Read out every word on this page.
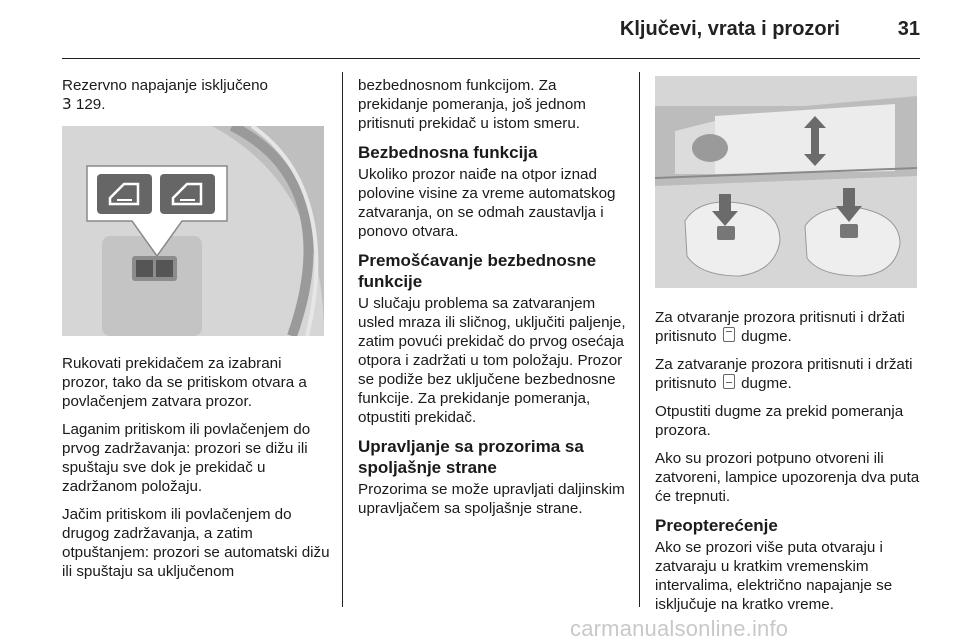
Ključevi, vrata i prozori	31

Rezervno napajanje isključeno
3 129.

Rukovati prekidačem za izabrani prozor, tako da se pritiskom otvara a povlačenjem zatvara prozor.

Laganim pritiskom ili povlačenjem do prvog zadržavanja: prozori se dižu ili spuštaju sve dok je prekidač u zadržanom položaju.

Jačim pritiskom ili povlačenjem do drugog zadržavanja, a zatim otpuštanjem: prozori se automatski dižu ili spuštaju sa uključenom

bezbednosnom funkcijom. Za prekidanje pomeranja, još jednom pritisnuti prekidač u istom smeru.

Bezbednosna funkcija

Ukoliko prozor naiđe na otpor iznad polovine visine za vreme automatskog zatvaranja, on se odmah zaustavlja i ponovo otvara.

Premošćavanje bezbednosne funkcije

U slučaju problema sa zatvaranjem usled mraza ili sličnog, uključiti paljenje, zatim povući prekidač do prvog osećaja otpora i zadržati u tom položaju. Prozor se podiže bez uključene bezbednosne funkcije. Za prekidanje pomeranja, otpustiti prekidač.

Upravljanje sa prozorima sa spoljašnje strane

Prozorima se može upravljati daljinskim upravljačem sa spoljašnje strane.

Za otvaranje prozora pritisnuti i držati pritisnuto dugme.

Za zatvaranje prozora pritisnuti i držati pritisnuto dugme.

Otpustiti dugme za prekid pomeranja prozora.

Ako su prozori potpuno otvoreni ili zatvoreni, lampice upozorenja dva puta će trepnuti.

Preopterećenje

Ako se prozori više puta otvaraju i zatvaraju u kratkim vremenskim intervalima, električno napajanje se isključuje na kratko vreme.

carmanualsonline.info
